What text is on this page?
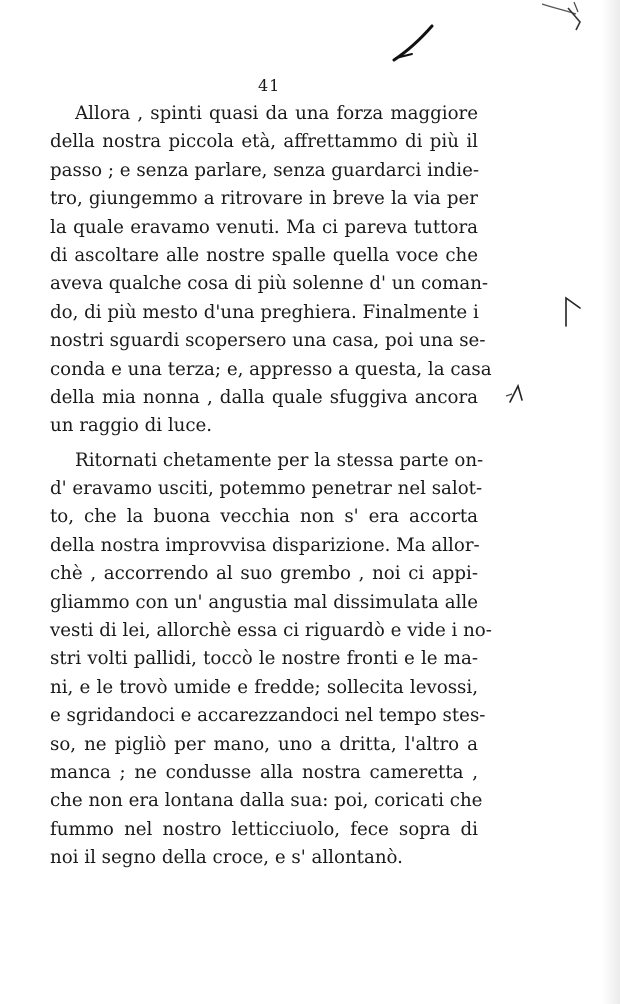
41
Allora , spinti quasi da una forza maggiore
della nostra piccola età, affrettammo di più il
passo ; e senza parlare, senza guardarci indie-
tro, giungemmo a ritrovare in breve la via per
la quale eravamo venuti. Ma ci pareva tuttora
di ascoltare alle nostre spalle quella voce che
aveva qualche cosa di più solenne d' un coman-
do, di più mesto d'una preghiera. Finalmente i
nostri sguardi scopersero una casa, poi una se-
conda e una terza; e, appresso a questa, la casa
della mia nonna , dalla quale sfuggiva ancora
un raggio di luce.
Ritornati chetamente per la stessa parte on-
d' eravamo usciti, potemmo penetrar nel salot-
to, che la buona vecchia non s' era accorta
della nostra improvvisa disparizione. Ma allor-
chè , accorrendo al suo grembo , noi ci appi-
gliammo con un' angustia mal dissimulata alle
vesti di lei, allorchè essa ci riguardò e vide i no-
stri volti pallidi, toccò le nostre fronti e le ma-
ni, e le trovò umide e fredde; sollecita levossi,
e sgridandoci e accarezzandoci nel tempo stes-
so, ne pigliò per mano, uno a dritta, l'altro a
manca ; ne condusse alla nostra cameretta ,
che non era lontana dalla sua: poi, coricati che
fummo nel nostro letticciuolo, fece sopra di
noi il segno della croce, e s' allontanò.
